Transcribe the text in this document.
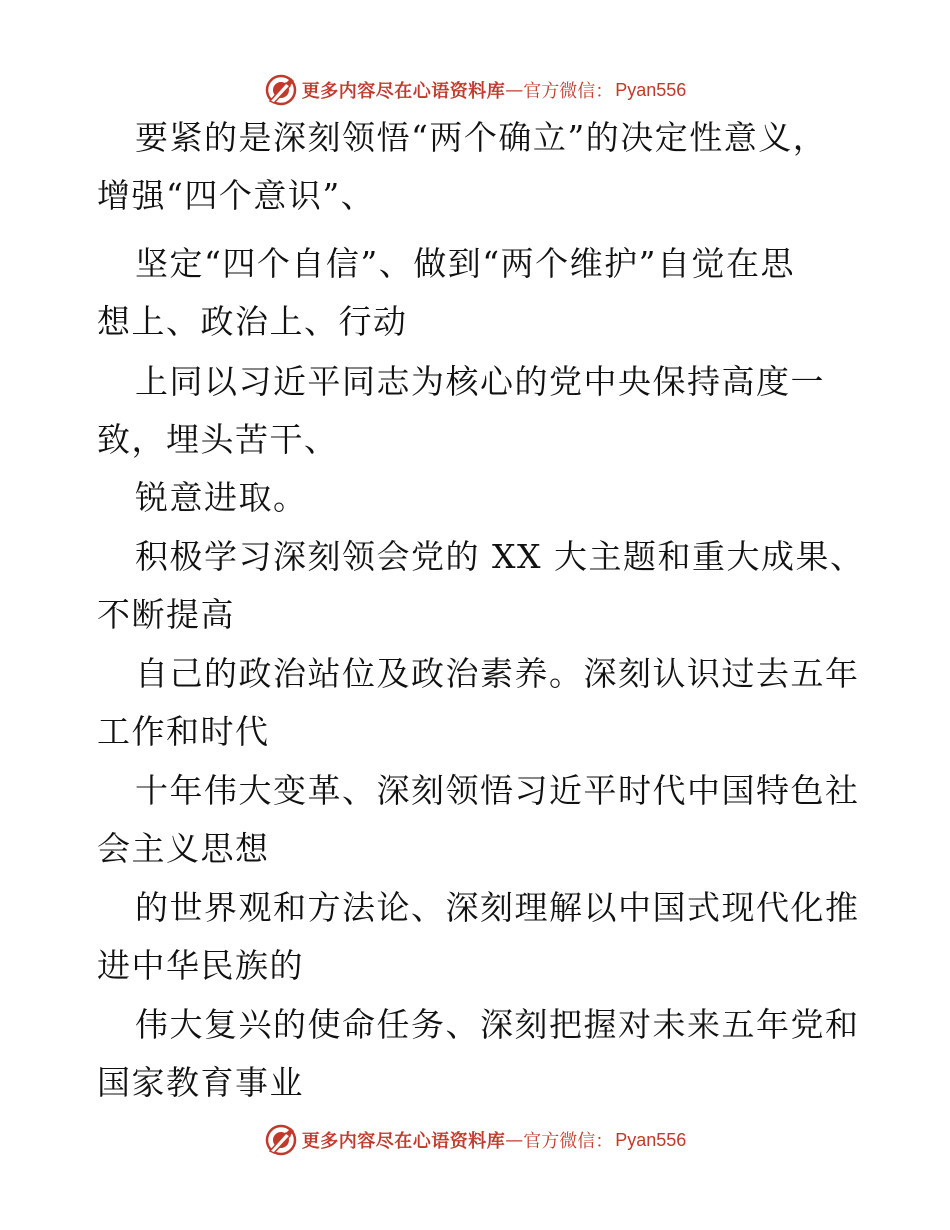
更多内容尽在心语资料库 — 官方微信： Pyan556
要紧的是深刻领悟“两个确立”的决定性意义，
增强“四个意识”、
坚定“四个自信”、做到“两个维护”自觉在思
想上、政治上、行动
上同以习近平同志为核心的党中央保持高度一
致，埋头苦干、
锐意进取。
积极学习深刻领会党的 XX 大主题和重大成果、
不断提高
自己的政治站位及政治素养。深刻认识过去五年
工作和时代
十年伟大变革、深刻领悟习近平时代中国特色社
会主义思想
的世界观和方法论、深刻理解以中国式现代化推
进中华民族的
伟大复兴的使命任务、深刻把握对未来五年党和
国家教育事业
更多内容尽在心语资料库 — 官方微信： Pyan556
